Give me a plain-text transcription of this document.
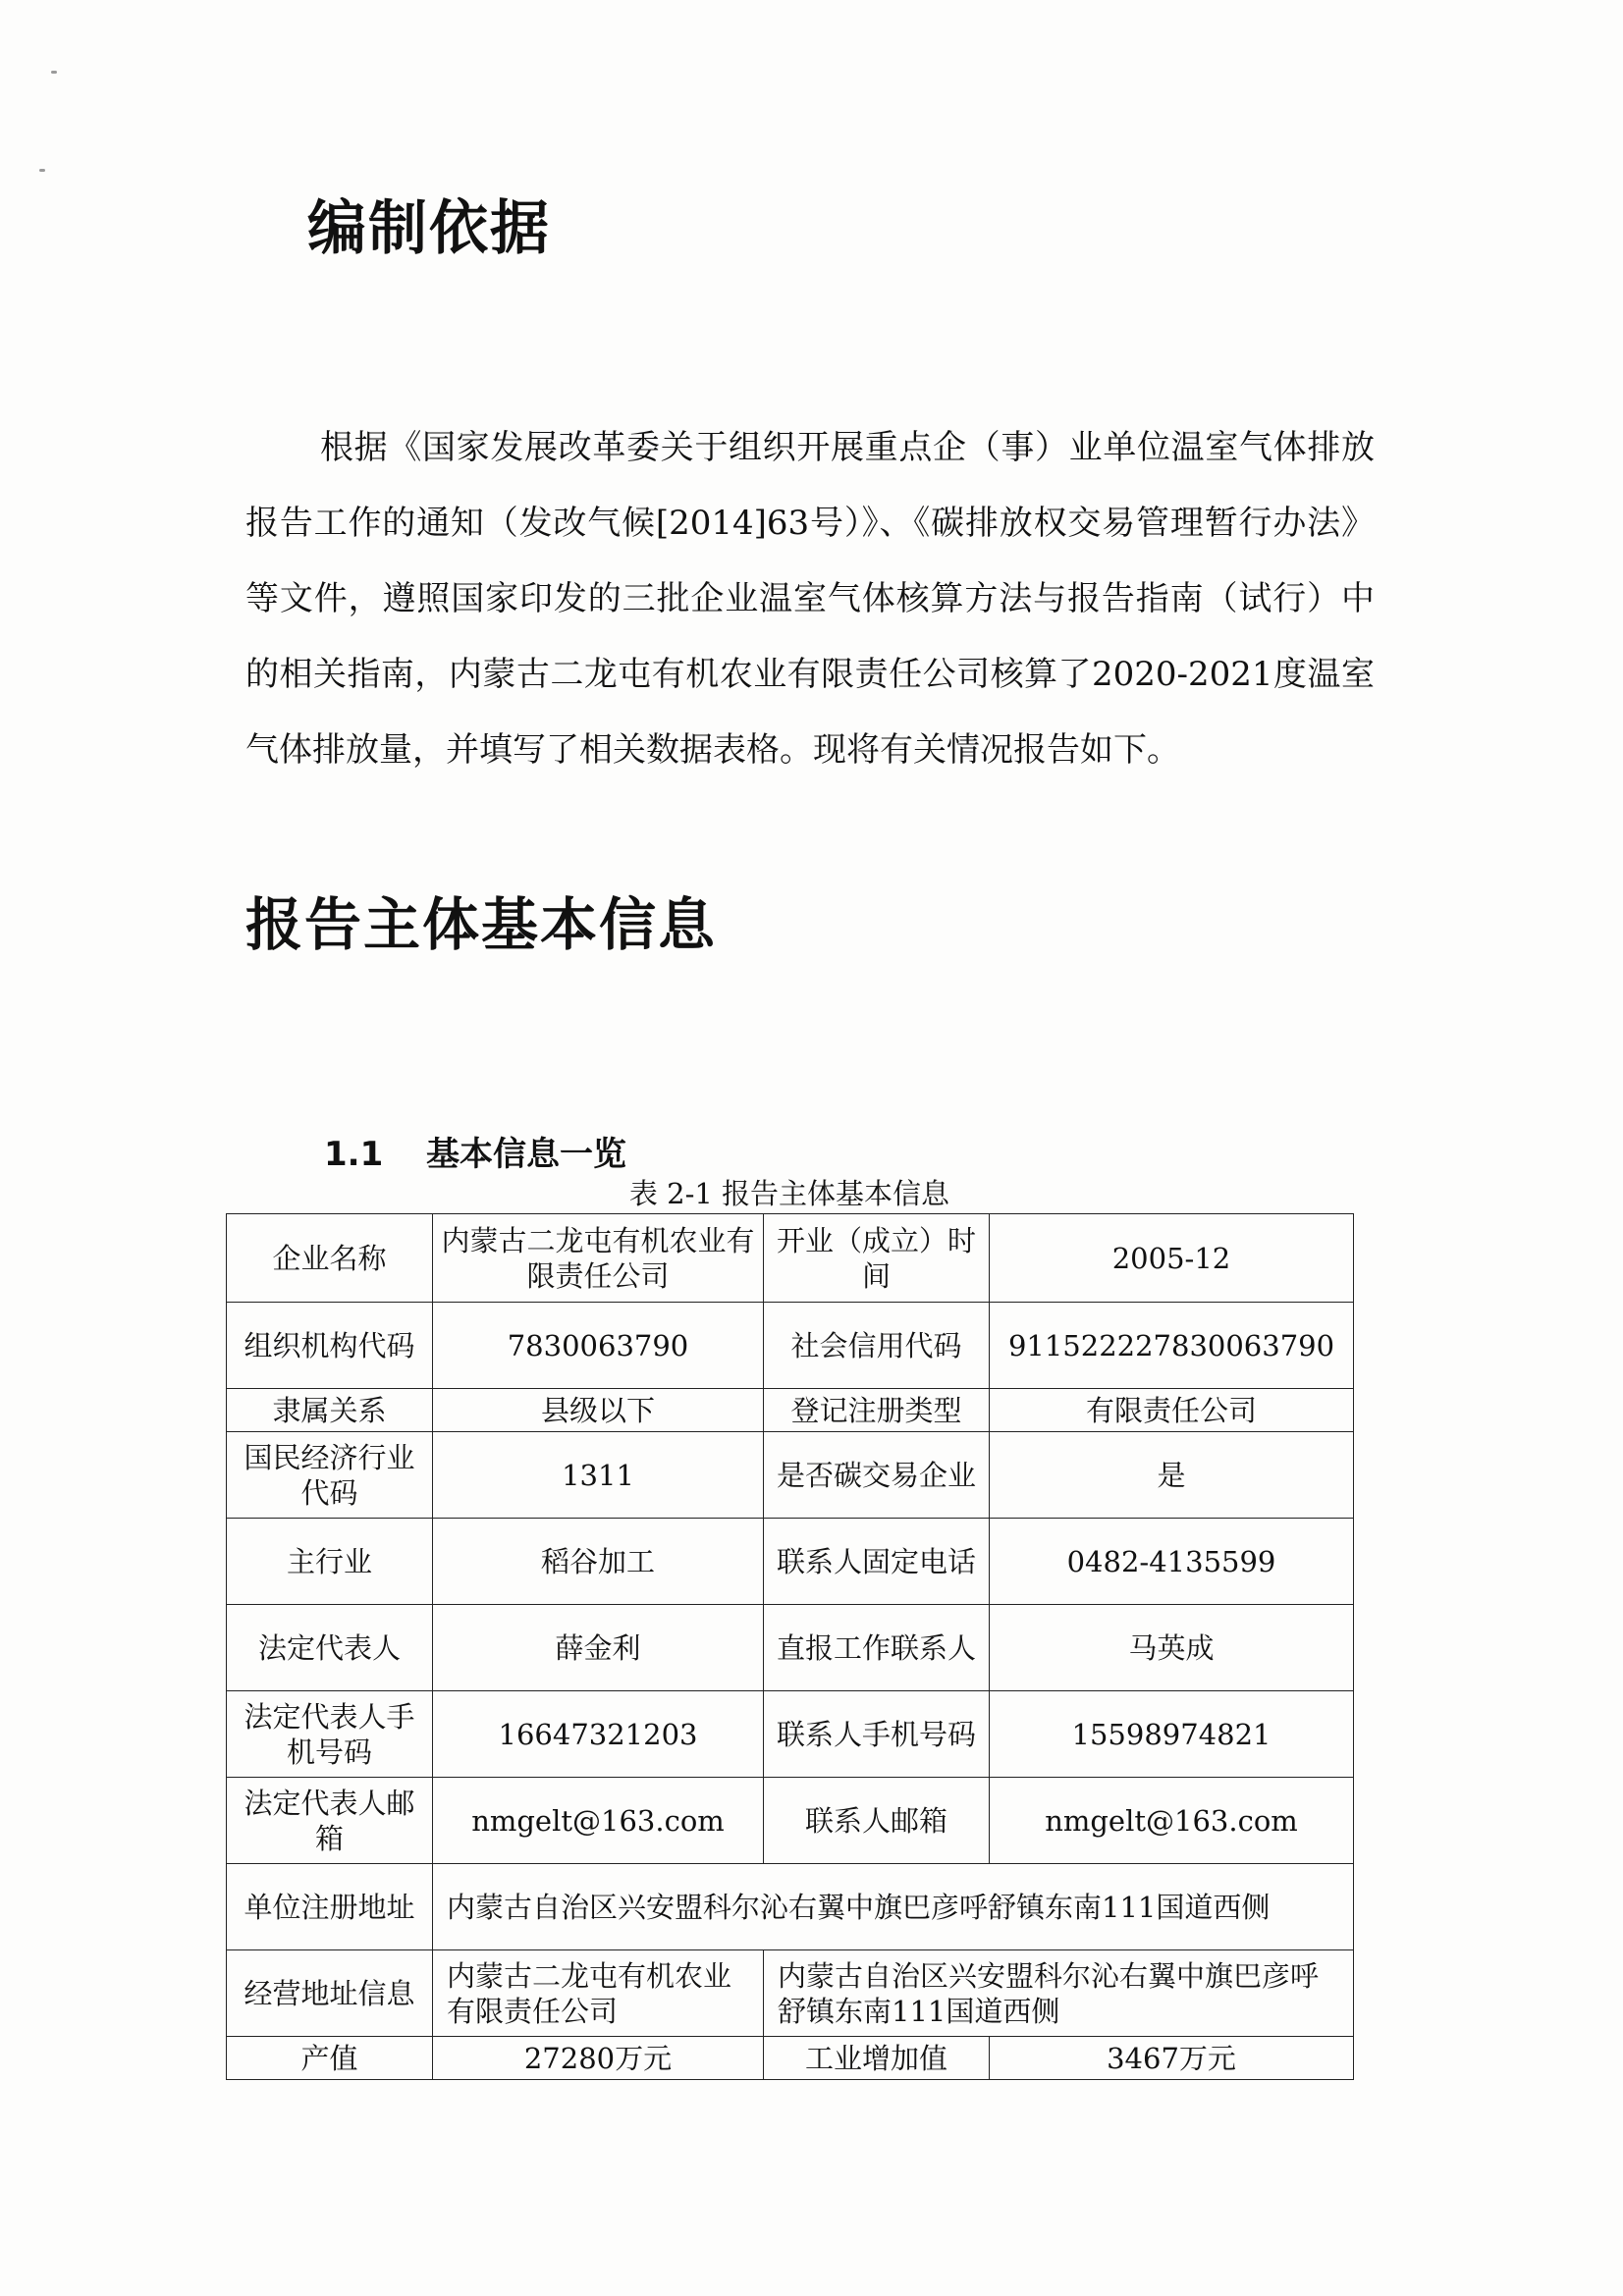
编制依据

根据《国家发展改革委关于组织开展重点企（事）业单位温室气体排放报告工作的通知（发改气候[2014]63号）》、《碳排放权交易管理暂行办法》等文件，遵照国家印发的三批企业温室气体核算方法与报告指南（试行）中的相关指南，内蒙古二龙屯有机农业有限责任公司核算了2020-2021度温室气体排放量，并填写了相关数据表格。现将有关情况报告如下。

报告主体基本信息
1.1 基本信息一览

表 2-1 报告主体基本信息

企业名称	内蒙古二龙屯有机农业有限责任公司	开业（成立）时间	2005-12
组织机构代码	7830063790	社会信用代码	911522227830063790
隶属关系	县级以下	登记注册类型	有限责任公司
国民经济行业代码	1311	是否碳交易企业	是
主行业	稻谷加工	联系人固定电话	0482-4135599
法定代表人	薛金利	直报工作联系人	马英成
法定代表人手机号码	16647321203	联系人手机号码	15598974821
法定代表人邮箱	nmgelt@163.com	联系人邮箱	nmgelt@163.com
单位注册地址	内蒙古自治区兴安盟科尔沁右翼中旗巴彦呼舒镇东南111国道西侧		
经营地址信息	内蒙古二龙屯有机农业有限责任公司	内蒙古自治区兴安盟科尔沁右翼中旗巴彦呼舒镇东南111国道西侧	
产值	27280万元	工业增加值	3467万元
